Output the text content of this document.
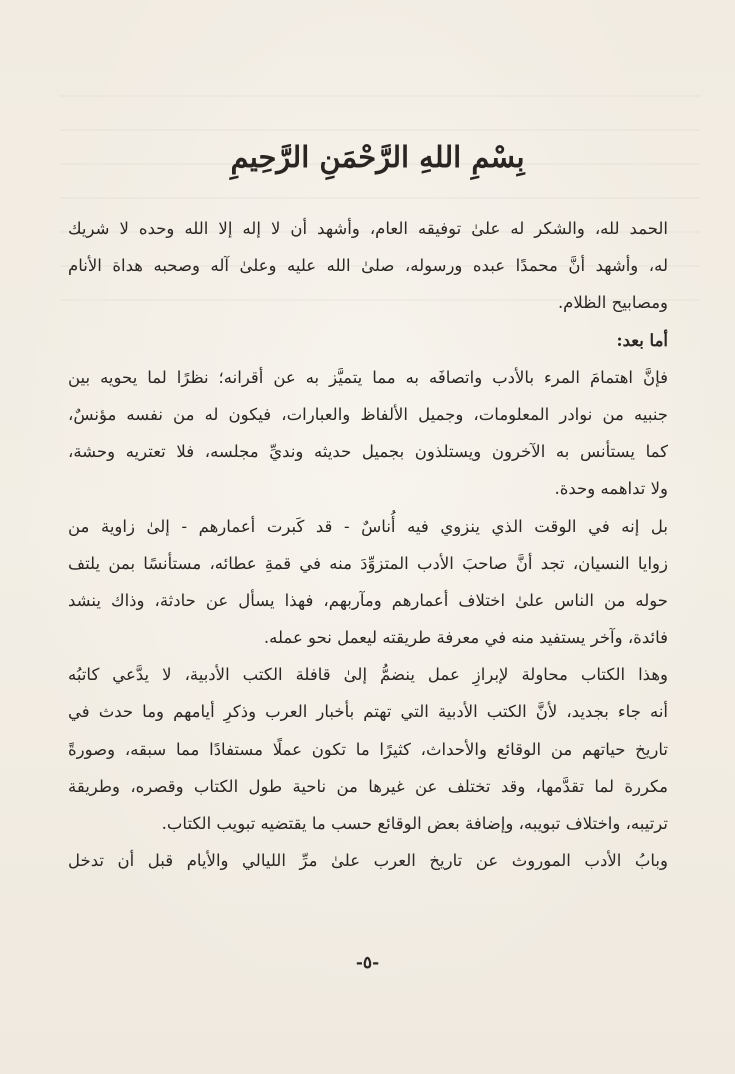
بِسْمِ اللهِ الرَّحْمَنِ الرَّحِيمِ
الحمد لله، والشكر له علىٰ توفيقه العام، وأشهد أن لا إله إلا الله وحده لا شريك
له، وأشهد أنَّ محمدًا عبده ورسوله، صلىٰ الله عليه وعلىٰ آله وصحبه هداة الأنام
ومصابيح الظلام.
أما بعد:
فإنَّ اهتمامَ المرء بالأدب واتصافَه به مما يتميَّز به عن أقرانه؛ نظرًا لما يحويه بين
جنبيه من نوادر المعلومات، وجميل الألفاظ والعبارات، فيكون له من نفسه مؤنسٌ،
كما يستأنس به الآخرون ويستلذون بجميل حديثه ونديِّ مجلسه، فلا تعتريه وحشة،
ولا تداهمه وحدة.
بل إنه في الوقت الذي ينزوي فيه أُناسٌ - قد كَبرت أعمارهم - إلىٰ زاوية من
زوايا النسيان، تجد أنَّ صاحبَ الأدب المتزوِّدَ منه في قمةِ عطائه، مستأنسًا بمن يلتف
حوله من الناس علىٰ اختلاف أعمارهم ومآربهم، فهذا يسأل عن حادثة، وذاك ينشد
فائدة، وآخر يستفيد منه في معرفة طريقته ليعمل نحو عمله.
وهذا الكتاب محاولة لإبرازِ عمل ينضمُّ إلىٰ قافلة الكتب الأدبية، لا يدَّعي كاتبُه
أنه جاء بجديد، لأنَّ الكتب الأدبية التي تهتم بأخبار العرب وذكرِ أيامهم وما حدث في
تاريخ حياتهم من الوقائع والأحداث، كثيرًا ما تكون عملًا مستفادًا مما سبقه، وصورةً
مكررة لما تقدَّمها، وقد تختلف عن غيرها من ناحية طول الكتاب وقصره، وطريقة
ترتيبه، واختلاف تبويبه، وإضافة بعض الوقائع حسب ما يقتضيه تبويب الكتاب.
وبابُ الأدب الموروث عن تاريخ العرب علىٰ مرِّ الليالي والأيام قبل أن تدخل
-٥-
